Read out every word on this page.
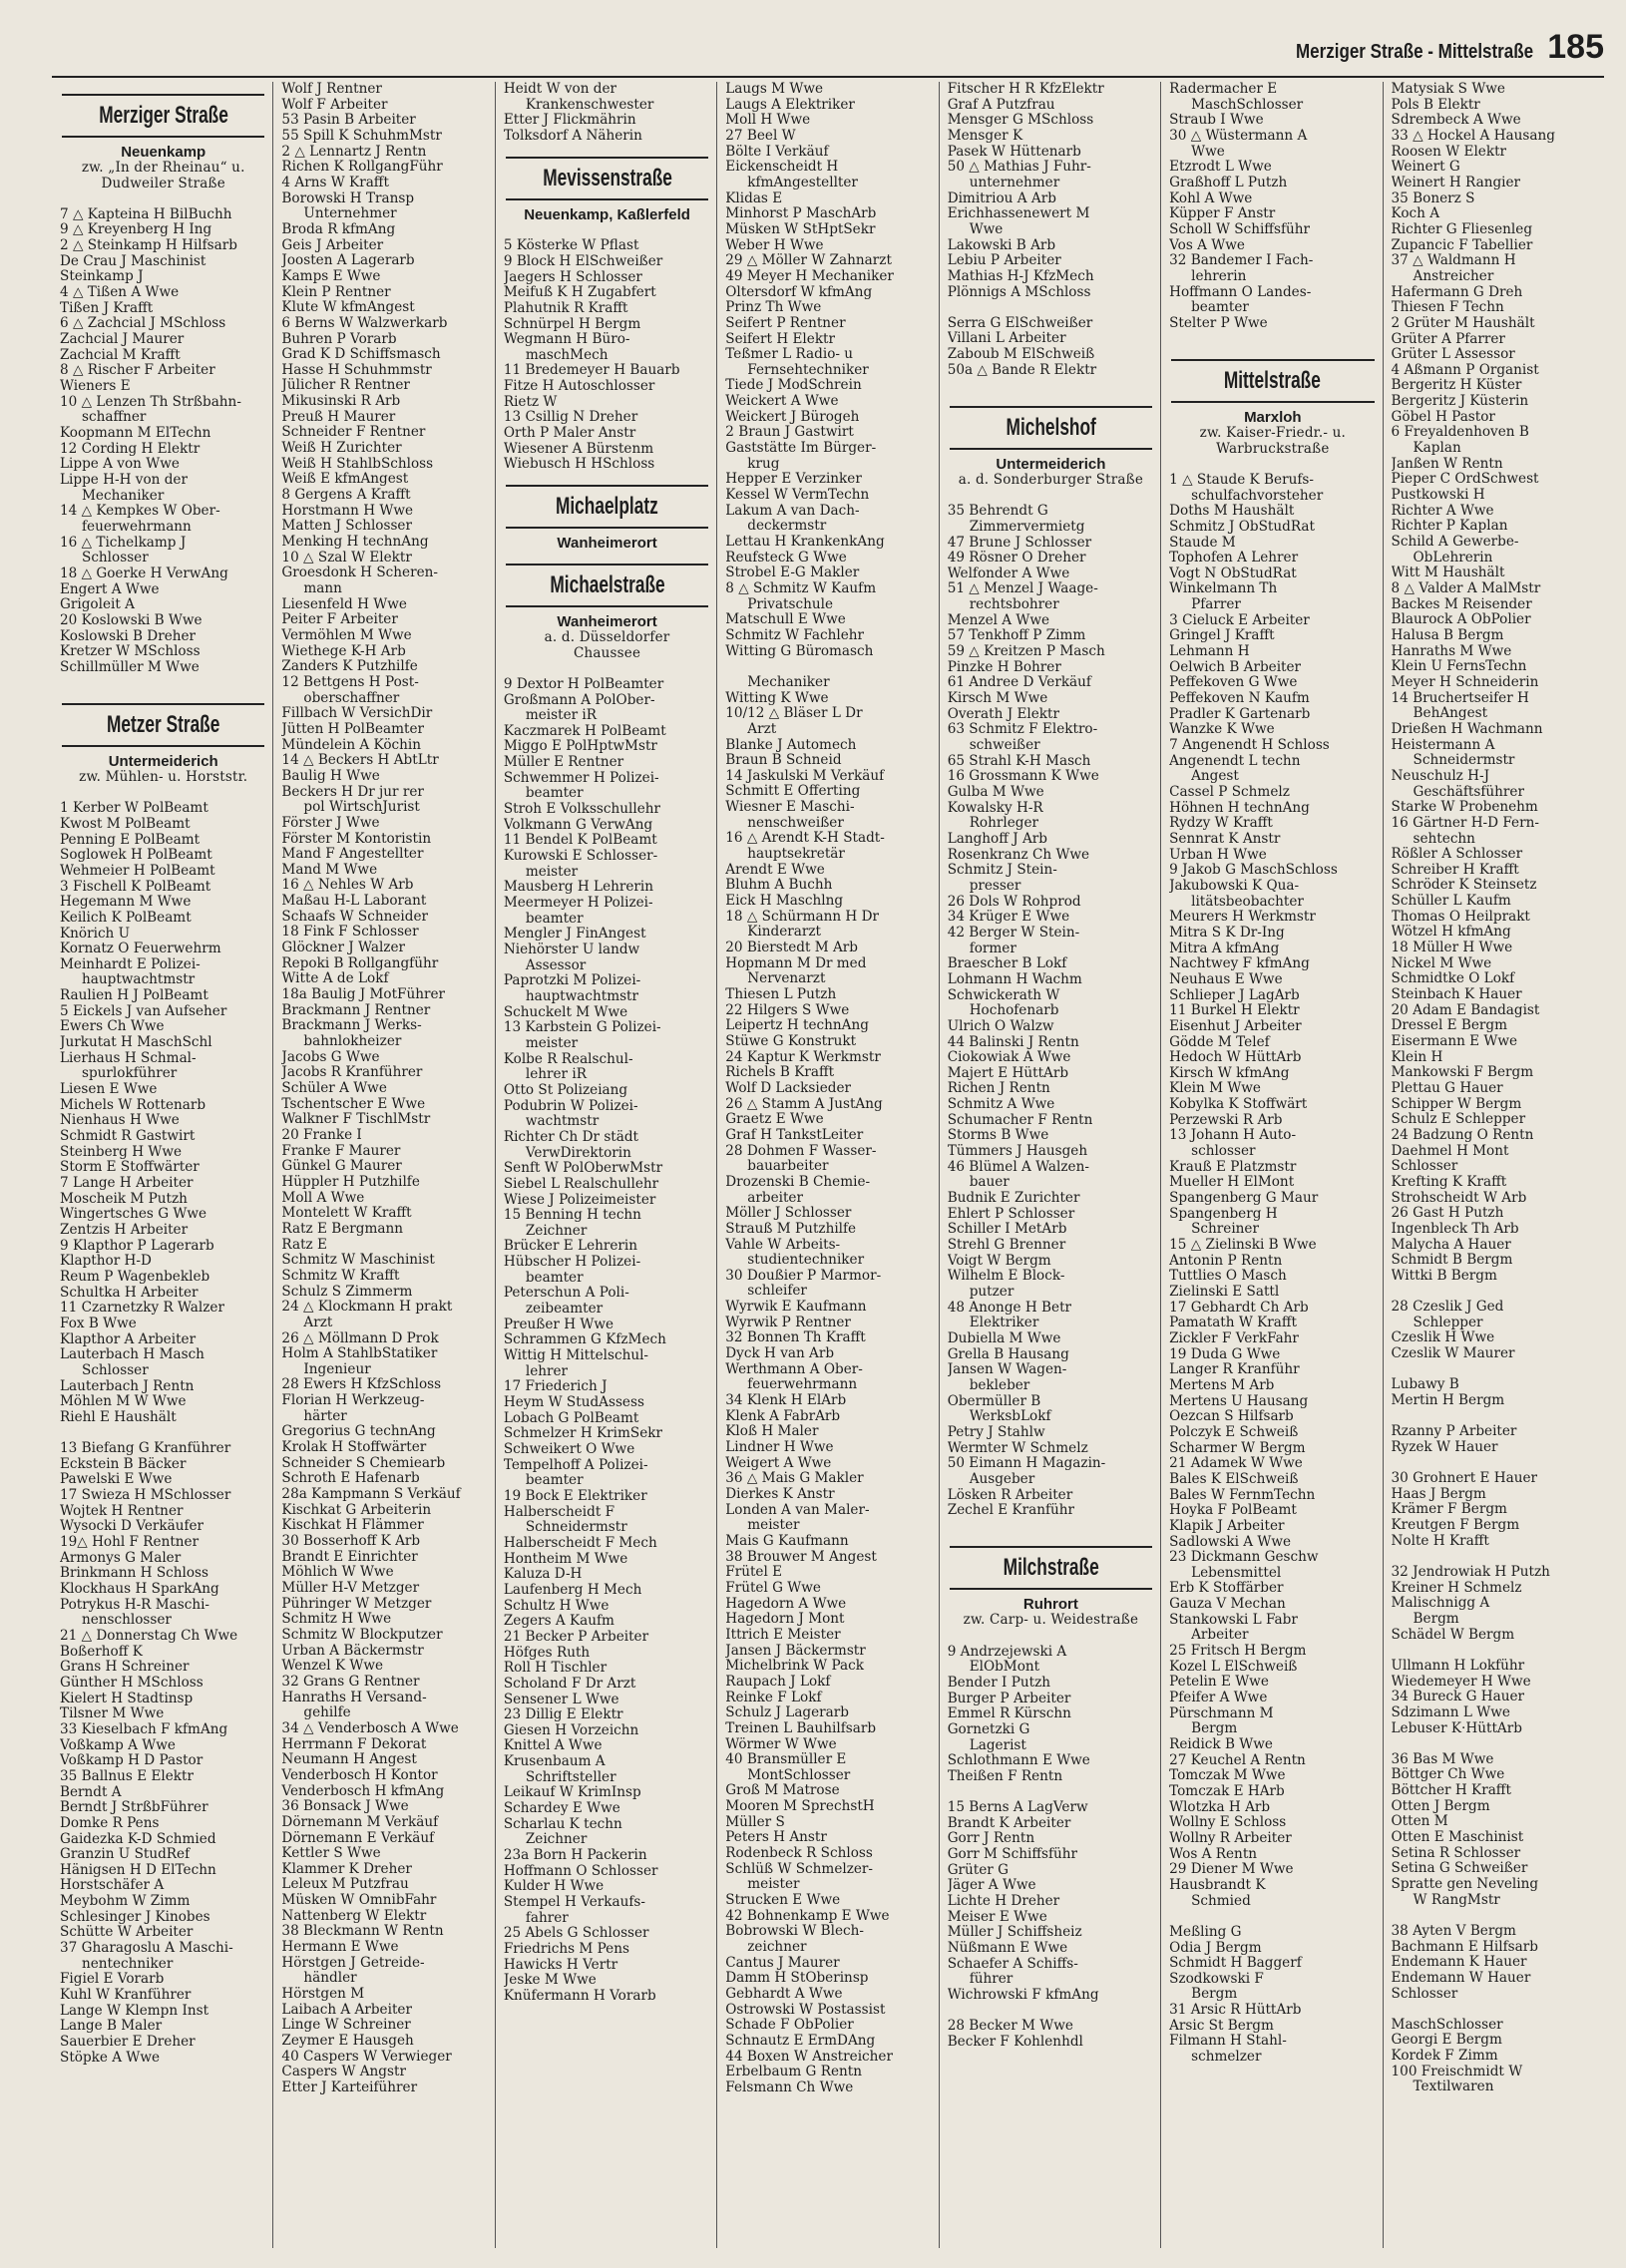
Merziger Straße - Mittelstraße 185
Merziger Straße
Neuenkamp
zw. „In der Rheinau“ u.
Dudweiler Straße
7 △ Kapteina H BilBuchh
9 △ Kreyenberg H Ing
2 △ Steinkamp H Hilfsarb
De Crau J Maschinist
Steinkamp J
4 △ Tißen A Wwe
Tißen J Krafft
6 △ Zachcial J MSchloss
Zachcial J Maurer
Zachcial M Krafft
8 △ Rischer F Arbeiter
Wieners E
10 △ Lenzen Th Strßbahn-
schaffner
Koopmann M ElTechn
12 Cording H Elektr
Lippe A von Wwe
Lippe H-H von der
Mechaniker
14 △ Kempkes W Ober-
feuerwehrmann
16 △ Tichelkamp J
Schlosser
18 △ Goerke H VerwAng
Engert A Wwe
Grigoleit A
20 Koslowski B Wwe
Koslowski B Dreher
Kretzer W MSchloss
Schillmüller M Wwe
Metzer Straße
Untermeiderich
zw. Mühlen- u. Horststr.
1 Kerber W PolBeamt
Kwost M PolBeamt
Penning E PolBeamt
Soglowek H PolBeamt
Wehmeier H PolBeamt
3 Fischell K PolBeamt
Hegemann M Wwe
Keilich K PolBeamt
Knörich U
Kornatz O Feuerwehrm
Meinhardt E Polizei-
hauptwachtmstr
Raulien H J PolBeamt
5 Eickels J van Aufseher
Ewers Ch Wwe
Jurkutat H MaschSchl
Lierhaus H Schmal-
spurlokführer
Liesen E Wwe
Michels W Rottenarb
Nienhaus H Wwe
Schmidt R Gastwirt
Steinberg H Wwe
Storm E Stoffwärter
7 Lange H Arbeiter
Moscheik M Putzh
Wingertsches G Wwe
Zentzis H Arbeiter
9 Klapthor P Lagerarb
Klapthor H-D
Reum P Wagenbekleb
Schultka H Arbeiter
11 Czarnetzky R Walzer
Fox B Wwe
Klapthor A Arbeiter
Lauterbach H Masch
Schlosser
Lauterbach J Rentn
Möhlen M W Wwe
Riehl E Haushält
13 Biefang G Kranführer
Eckstein B Bäcker
Pawelski E Wwe
17 Swieza H MSchlosser
Wojtek H Rentner
Wysocki D Verkäufer
19△ Hohl F Rentner
Armonys G Maler
Brinkmann H Schloss
Klockhaus H SparkAng
Potrykus H-R Maschi-
nenschlosser
21 △ Donnerstag Ch Wwe
Boßerhoff K
Grans H Schreiner
Günther H MSchloss
Kielert H Stadtinsp
Tilsner M Wwe
33 Kieselbach F kfmAng
Voßkamp A Wwe
Voßkamp H D Pastor
35 Ballnus E Elektr
Berndt A
Berndt J StrßbFührer
Domke R Pens
Gaidezka K-D Schmied
Granzin U StudRef
Hänigsen H D ElTechn
Horstschäfer A
Meybohm W Zimm
Schlesinger J Kinobes
Schütte W Arbeiter
37 Gharagoslu A Maschi-
nentechniker
Figiel E Vorarb
Kuhl W Kranführer
Lange W Klempn Inst
Lange B Maler
Sauerbier E Dreher
Stöpke A Wwe
Wolf J Rentner
Wolf F Arbeiter
53 Pasin B Arbeiter
55 Spill K SchuhmMstr
2 △ Lennartz J Rentn
Richen K RollgangFühr
4 Arns W Krafft
Borowski H Transp
Unternehmer
Broda R kfmAng
Geis J Arbeiter
Joosten A Lagerarb
Kamps E Wwe
Klein P Rentner
Klute W kfmAngest
6 Berns W Walzwerkarb
Buhren P Vorarb
Grad K D Schiffsmasch
Hasse H Schuhmmstr
Jülicher R Rentner
Mikusinski R Arb
Preuß H Maurer
Schneider F Rentner
Weiß H Zurichter
Weiß H StahlbSchloss
Weiß E kfmAngest
8 Gergens A Krafft
Horstmann H Wwe
Matten J Schlosser
Menking H technAng
10 △ Szal W Elektr
Groesdonk H Scheren-
mann
Liesenfeld H Wwe
Peiter F Arbeiter
Vermöhlen M Wwe
Wiethege K-H Arb
Zanders K Putzhilfe
12 Bettgens H Post-
oberschaffner
Fillbach W VersichDir
Jütten H PolBeamter
Mündelein A Köchin
14 △ Beckers H AbtLtr
Baulig H Wwe
Beckers H Dr jur rer
pol WirtschJurist
Förster J Wwe
Förster M Kontoristin
Mand F Angestellter
Mand M Wwe
16 △ Nehles W Arb
Maßau H-L Laborant
Schaafs W Schneider
18 Fink F Schlosser
Glöckner J Walzer
Repoki B Rollgangführ
Witte A de Lokf
18a Baulig J MotFührer
Brackmann J Rentner
Brackmann J Werks-
bahnlokheizer
Jacobs G Wwe
Jacobs R Kranführer
Schüler A Wwe
Tschentscher E Wwe
Walkner F TischlMstr
20 Franke I
Franke F Maurer
Günkel G Maurer
Hüppler H Putzhilfe
Moll A Wwe
Montelett W Krafft
Ratz E Bergmann
Ratz E
Schmitz W Maschinist
Schmitz W Krafft
Schulz S Zimmerm
24 △ Klockmann H prakt
Arzt
26 △ Möllmann D Prok
Holm A StahlbStatiker
Ingenieur
28 Ewers H KfzSchloss
Florian H Werkzeug-
härter
Gregorius G technAng
Krolak H Stoffwärter
Schneider S Chemiearb
Schroth E Hafenarb
28a Kampmann S Verkäuf
Kischkat G Arbeiterin
Kischkat H Flämmer
30 Bosserhoff K Arb
Brandt E Einrichter
Möhlich W Wwe
Müller H-V Metzger
Pühringer W Metzger
Schmitz H Wwe
Schmitz W Blockputzer
Urban A Bäckermstr
Wenzel K Wwe
32 Grans G Rentner
Hanraths H Versand-
gehilfe
34 △ Venderbosch A Wwe
Herrmann F Dekorat
Neumann H Angest
Venderbosch H Kontor
Venderbosch H kfmAng
36 Bonsack J Wwe
Dörnemann M Verkäuf
Dörnemann E Verkäuf
Kettler S Wwe
Klammer K Dreher
Leleux M Putzfrau
Müsken W OmnibFahr
Nattenberg W Elektr
38 Bleckmann W Rentn
Hermann E Wwe
Hörstgen J Getreide-
händler
Hörstgen M
Laibach A Arbeiter
Linge W Schreiner
Zeymer E Hausgeh
40 Caspers W Verwieger
Caspers W Angstr
Etter J Karteiführer
Heidt W von der
Krankenschwester
Etter J Flickmährin
Tolksdorf A Näherin
Mevissenstraße
Neuenkamp, Kaßlerfeld
5 Kösterke W Pflast
9 Block H ElSchweißer
Jaegers H Schlosser
Meifuß K H Zugabfert
Plahutnik R Krafft
Schnürpel H Bergm
Wegmann H Büro-
maschMech
11 Bredemeyer H Bauarb
Fitze H Autoschlosser
Rietz W
13 Csillig N Dreher
Orth P Maler Anstr
Wiesener A Bürstenm
Wiebusch H HSchloss
Michaelplatz
Wanheimerort
Michaelstraße
Wanheimerort
a. d. Düsseldorfer
Chaussee
9 Dextor H PolBeamter
Großmann A PolOber-
meister iR
Kaczmarek H PolBeamt
Miggo E PolHptwMstr
Müller E Rentner
Schwemmer H Polizei-
beamter
Stroh E Volksschullehr
Volkmann G VerwAng
11 Bendel K PolBeamt
Kurowski E Schlosser-
meister
Mausberg H Lehrerin
Meermeyer H Polizei-
beamter
Mengler J FinAngest
Niehörster U landw
Assessor
Paprotzki M Polizei-
hauptwachtmstr
Schuckelt M Wwe
13 Karbstein G Polizei-
meister
Kolbe R Realschul-
lehrer iR
Otto St Polizeiang
Podubrin W Polizei-
wachtmstr
Richter Ch Dr städt
VerwDirektorin
Senft W PolOberwMstr
Siebel L Realschullehr
Wiese J Polizeimeister
15 Benning H techn
Zeichner
Brücker E Lehrerin
Hübscher H Polizei-
beamter
Peterschun A Poli-
zeibeamter
Preußer H Wwe
Schrammen G KfzMech
Wittig H Mittelschul-
lehrer
17 Friederich J
Heym W StudAssess
Lobach G PolBeamt
Schmelzer H KrimSekr
Schweikert O Wwe
Tempelhoff A Polizei-
beamter
19 Bock E Elektriker
Halberscheidt F
Schneidermstr
Halberscheidt F Mech
Hontheim M Wwe
Kaluza D-H
Laufenberg H Mech
Schultz H Wwe
Zegers A Kaufm
21 Becker P Arbeiter
Höfges Ruth
Roll H Tischler
Scholand F Dr Arzt
Sensener L Wwe
23 Dillig E Elektr
Giesen H Vorzeichn
Knittel A Wwe
Krusenbaum A
Schriftsteller
Leikauf W KrimInsp
Schardey E Wwe
Scharlau K techn
Zeichner
23a Born H Packerin
Hoffmann O Schlosser
Kulder H Wwe
Stempel H Verkaufs-
fahrer
25 Abels G Schlosser
Friedrichs M Pens
Hawicks H Vertr
Jeske M Wwe
Knüfermann H Vorarb
Laugs M Wwe
Laugs A Elektriker
Moll H Wwe
27 Beel W
Bölte I Verkäuf
Eickenscheidt H
kfmAngestellter
Klidas E
Minhorst P MaschArb
Müsken W StHptSekr
Weber H Wwe
29 △ Möller W Zahnarzt
49 Meyer H Mechaniker
Oltersdorf W kfmAng
Prinz Th Wwe
Seifert P Rentner
Seifert H Elektr
Teßmer L Radio- u
Fernsehtechniker
Tiede J ModSchrein
Weickert A Wwe
Weickert J Bürogeh
2 Braun J Gastwirt
Gaststätte Im Bürger-
krug
Hepper E Verzinker
Kessel W VermTechn
Lakum A van Dach-
deckermstr
Lettau H KrankenkAng
Reufsteck G Wwe
Strobel E-G Makler
8 △ Schmitz W Kaufm
Privatschule
Matschull E Wwe
Schmitz W Fachlehr
Witting G Büromasch
Mechaniker
Witting K Wwe
10/12 △ Bläser L Dr
Arzt
Blanke J Automech
Braun B Schneid
14 Jaskulski M Verkäuf
Schmitt E Offerting
Wiesner E Maschi-
nenschweißer
16 △ Arendt K-H Stadt-
hauptsekretär
Arendt E Wwe
Bluhm A Buchh
Eick H Maschlng
18 △ Schürmann H Dr
Kinderarzt
20 Bierstedt M Arb
Hopmann M Dr med
Nervenarzt
Thiesen L Putzh
22 Hilgers S Wwe
Leipertz H technAng
Stüwe G Konstrukt
24 Kaptur K Werkmstr
Richels B Krafft
Wolf D Lacksieder
26 △ Stamm A JustAng
Graetz E Wwe
Graf H TankstLeiter
28 Dohmen F Wasser-
bauarbeiter
Drozenski B Chemie-
arbeiter
Möller J Schlosser
Strauß M Putzhilfe
Vahle W Arbeits-
studientechniker
30 Doußier P Marmor-
schleifer
Wyrwik E Kaufmann
Wyrwik P Rentner
32 Bonnen Th Krafft
Dyck H van Arb
Werthmann A Ober-
feuerwehrmann
34 Klenk H ElArb
Klenk A FabrArb
Kloß H Maler
Lindner H Wwe
Weigert A Wwe
36 △ Mais G Makler
Dierkes K Anstr
Londen A van Maler-
meister
Mais G Kaufmann
38 Brouwer M Angest
Frütel E
Frütel G Wwe
Hagedorn A Wwe
Hagedorn J Mont
Ittrich E Meister
Jansen J Bäckermstr
Michelbrink W Pack
Raupach J Lokf
Reinke F Lokf
Schulz J Lagerarb
Treinen L Bauhilfsarb
Wörmer W Wwe
40 Bransmüller E
MontSchlosser
Groß M Matrose
Mooren M SprechstH
Müller S
Peters H Anstr
Rodenbeck R Schloss
Schlüß W Schmelzer-
meister
Strucken E Wwe
42 Bohnenkamp E Wwe
Bobrowski W Blech-
zeichner
Cantus J Maurer
Damm H StOberinsp
Gebhardt A Wwe
Ostrowski W Postassist
Schade F ObPolier
Schnautz E ErmDAng
44 Boxen W Anstreicher
Erbelbaum G Rentn
Felsmann Ch Wwe
Fitscher H R KfzElektr
Graf A Putzfrau
Mensger G MSchloss
Mensger K
Pasek W Hüttenarb
50 △ Mathias J Fuhr-
unternehmer
Dimitriou A Arb
Erichhassenewert M
Wwe
Lakowski B Arb
Lebiu P Arbeiter
Mathias H-J KfzMech
Plönnigs A MSchloss
Serra G ElSchweißer
Villani L Arbeiter
Zaboub M ElSchweiß
50a △ Bande R Elektr
Michelshof
Untermeiderich
a. d. Sonderburger Straße
35 Behrendt G
Zimmervermietg
47 Brune J Schlosser
49 Rösner O Dreher
Welfonder A Wwe
51 △ Menzel J Waage-
rechtsbohrer
Menzel A Wwe
57 Tenkhoff P Zimm
59 △ Kreitzen P Masch
Pinzke H Bohrer
61 Andree D Verkäuf
Kirsch M Wwe
Overath J Elektr
63 Schmitz F Elektro-
schweißer
65 Strahl K-H Masch
16 Grossmann K Wwe
Gulba M Wwe
Kowalsky H-R
Rohrleger
Langhoff J Arb
Rosenkranz Ch Wwe
Schmitz J Stein-
presser
26 Dols W Rohprod
34 Krüger E Wwe
42 Berger W Stein-
former
Braescher B Lokf
Lohmann H Wachm
Schwickerath W
Hochofenarb
Ulrich O Walzw
44 Balinski J Rentn
Ciokowiak A Wwe
Majert E HüttArb
Richen J Rentn
Schmitz A Wwe
Schumacher F Rentn
Storms B Wwe
Tümmers J Hausgeh
46 Blümel A Walzen-
bauer
Budnik E Zurichter
Ehlert P Schlosser
Schiller I MetArb
Strehl G Brenner
Voigt W Bergm
Wilhelm E Block-
putzer
48 Anonge H Betr
Elektriker
Dubiella M Wwe
Grella B Hausang
Jansen W Wagen-
bekleber
Obermüller B
WerksbLokf
Petry J Stahlw
Wermter W Schmelz
50 Eimann H Magazin-
Ausgeber
Lösken R Arbeiter
Zechel E Kranführ
Milchstraße
Ruhrort
zw. Carp- u. Weidestraße
9 Andrzejewski A
ElObMont
Bender I Putzh
Burger P Arbeiter
Emmel R Kürschn
Gornetzki G
Lagerist
Schlothmann E Wwe
Theißen F Rentn
15 Berns A LagVerw
Brandt K Arbeiter
Gorr J Rentn
Gorr M Schiffsführ
Grüter G
Jäger A Wwe
Lichte H Dreher
Meiser E Wwe
Müller J Schiffsheiz
Nüßmann E Wwe
Schaefer A Schiffs-
führer
Wichrowski F kfmAng
28 Becker M Wwe
Becker F Kohlenhdl
Radermacher E
MaschSchlosser
Straub I Wwe
30 △ Wüstermann A
Wwe
Etzrodt L Wwe
Graßhoff L Putzh
Kohl A Wwe
Küpper F Anstr
Scholl W Schiffsführ
Vos A Wwe
32 Bandemer I Fach-
lehrerin
Hoffmann O Landes-
beamter
Stelter P Wwe
Mittelstraße
Marxloh
zw. Kaiser-Friedr.- u.
Warbruckstraße
1 △ Staude K Berufs-
schulfachvorsteher
Doths M Haushält
Schmitz J ObStudRat
Staude M
Tophofen A Lehrer
Vogt N ObStudRat
Winkelmann Th
Pfarrer
3 Cieluck E Arbeiter
Gringel J Krafft
Lehmann H
Oelwich B Arbeiter
Peffekoven G Wwe
Peffekoven N Kaufm
Pradler K Gartenarb
Wanzke K Wwe
7 Angenendt H Schloss
Angenendt L techn
Angest
Cassel P Schmelz
Höhnen H technAng
Rydzy W Krafft
Sennrat K Anstr
Urban H Wwe
9 Jakob G MaschSchloss
Jakubowski K Qua-
litätsbeobachter
Meurers H Werkmstr
Mitra S K Dr-Ing
Mitra A kfmAng
Nachtwey F kfmAng
Neuhaus E Wwe
Schlieper J LagArb
11 Burkel H Elektr
Eisenhut J Arbeiter
Gödde M Telef
Hedoch W HüttArb
Kirsch W kfmAng
Klein M Wwe
Kobylka K Stoffwärt
Perzewski R Arb
13 Johann H Auto-
schlosser
Krauß E Platzmstr
Mueller H ElMont
Spangenberg G Maur
Spangenberg H
Schreiner
15 △ Zielinski B Wwe
Antonin P Rentn
Tuttlies O Masch
Zielinski E Sattl
17 Gebhardt Ch Arb
Pamatath W Krafft
Zickler F VerkFahr
19 Duda G Wwe
Langer R Kranführ
Mertens M Arb
Mertens U Hausang
Oezcan S Hilfsarb
Polczyk E Schweiß
Scharmer W Bergm
21 Adamek W Wwe
Bales K ElSchweiß
Bales W FernmTechn
Hoyka F PolBeamt
Klapik J Arbeiter
Sadlowski A Wwe
23 Dickmann Geschw
Lebensmittel
Erb K Stoffärber
Gauza V Mechan
Stankowski L Fabr
Arbeiter
25 Fritsch H Bergm
Kozel L ElSchweiß
Petelin E Wwe
Pfeifer A Wwe
Pürschmann M
Bergm
Reidick B Wwe
27 Keuchel A Rentn
Tomczak M Wwe
Tomczak E HArb
Wlotzka H Arb
Wollny E Schloss
Wollny R Arbeiter
Wos A Rentn
29 Diener M Wwe
Hausbrandt K
Schmied
Meßling G
Odia J Bergm
Schmidt H Baggerf
Szodkowski F
Bergm
31 Arsic R HüttArb
Arsic St Bergm
Filmann H Stahl-
schmelzer
Matysiak S Wwe
Pols B Elektr
Sdrembeck A Wwe
33 △ Hockel A Hausang
Roosen W Elektr
Weinert G
Weinert H Rangier
35 Bonerz S
Koch A
Richter G Fliesenleg
Zupancic F Tabellier
37 △ Waldmann H
Anstreicher
Hafermann G Dreh
Thiesen F Techn
2 Grüter M Haushält
Grüter A Pfarrer
Grüter L Assessor
4 Aßmann P Organist
Bergeritz H Küster
Bergeritz J Küsterin
Göbel H Pastor
6 Freyaldenhoven B
Kaplan
Janßen W Rentn
Pieper C OrdSchwest
Pustkowski H
Richter A Wwe
Richter P Kaplan
Schild A Gewerbe-
ObLehrerin
Witt M Haushält
8 △ Valder A MalMstr
Backes M Reisender
Blaurock A ObPolier
Halusa B Bergm
Hanraths M Wwe
Klein U FernsTechn
Meyer H Schneiderin
14 Bruchertseifer H
BehAngest
Drießen H Wachmann
Heistermann A
Schneidermstr
Neuschulz H-J
Geschäftsführer
Starke W Probenehm
16 Gärtner H-D Fern-
sehtechn
Rößler A Schlosser
Schreiber H Krafft
Schröder K Steinsetz
Schüller L Kaufm
Thomas O Heilprakt
Wötzel H kfmAng
18 Müller H Wwe
Nickel M Wwe
Schmidtke O Lokf
Steinbach K Hauer
20 Adam E Bandagist
Dressel E Bergm
Eisermann E Wwe
Klein H
Mankowski F Bergm
Plettau G Hauer
Schipper W Bergm
Schulz E Schlepper
24 Badzung O Rentn
Daehmel H Mont
Schlosser
Krefting K Krafft
Strohscheidt W Arb
26 Gast H Putzh
Ingenbleck Th Arb
Malycha A Hauer
Schmidt B Bergm
Wittki B Bergm
28 Czeslik J Ged
Schlepper
Czeslik H Wwe
Czeslik W Maurer
Lubawy B
Mertin H Bergm
Rzanny P Arbeiter
Ryzek W Hauer
30 Grohnert E Hauer
Haas J Bergm
Krämer F Bergm
Kreutgen F Bergm
Nolte H Krafft
32 Jendrowiak H Putzh
Kreiner H Schmelz
Malischnigg A
Bergm
Schädel W Bergm
Ullmann H Lokführ
Wiedemeyer H Wwe
34 Bureck G Hauer
Sdzimann L Wwe
Lebuser K·HüttArb
36 Bas M Wwe
Böttger Ch Wwe
Böttcher H Krafft
Otten J Bergm
Otten M
Otten E Maschinist
Setina R Schlosser
Setina G Schweißer
Spratte gen Neveling
W RangMstr
38 Ayten V Bergm
Bachmann E Hilfsarb
Endemann K Hauer
Endemann W Hauer
Schlosser
MaschSchlosser
Georgi E Bergm
Kordek F Zimm
100 Freischmidt W
Textilwaren
